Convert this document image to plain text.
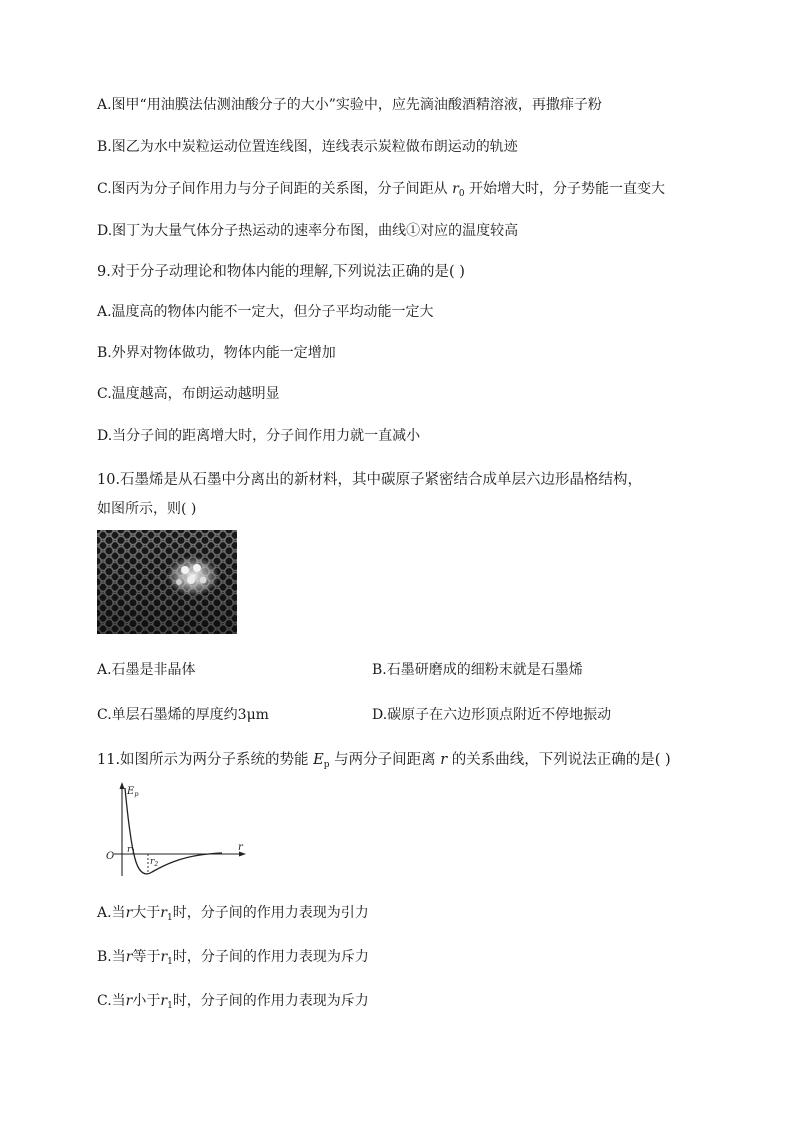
A.图甲“用油膜法估测油酸分子的大小”实验中，应先滴油酸酒精溶液，再撒痱子粉
B.图乙为水中炭粒运动位置连线图，连线表示炭粒做布朗运动的轨迹
C.图丙为分子间作用力与分子间距的关系图，分子间距从 $r_0$ 开始增大时，分子势能一直变大
D.图丁为大量气体分子热运动的速率分布图，曲线①对应的温度较高
9.对于分子动理论和物体内能的理解,下列说法正确的是( )
A.温度高的物体内能不一定大，但分子平均动能一定大
B.外界对物体做功，物体内能一定增加
C.温度越高，布朗运动越明显
D.当分子间的距离增大时，分子间作用力就一直减小
10.石墨烯是从石墨中分离出的新材料，其中碳原子紧密结合成单层六边形晶格结构，
如图所示，则( )
A.石墨是非晶体	B.石墨研磨成的细粉末就是石墨烯
C.单层石墨烯的厚度约3μm	D.碳原子在六边形顶点附近不停地振动
11.如图所示为两分子系统的势能 $E_p$ 与两分子间距离 r 的关系曲线，下列说法正确的是( )
$E_p$
r
O
$r_1$
$r_2$
A.当r大于$r_1$时，分子间的作用力表现为引力
B.当r等于$r_1$时，分子间的作用力表现为斥力
C.当r小于$r_1$时，分子间的作用力表现为斥力
